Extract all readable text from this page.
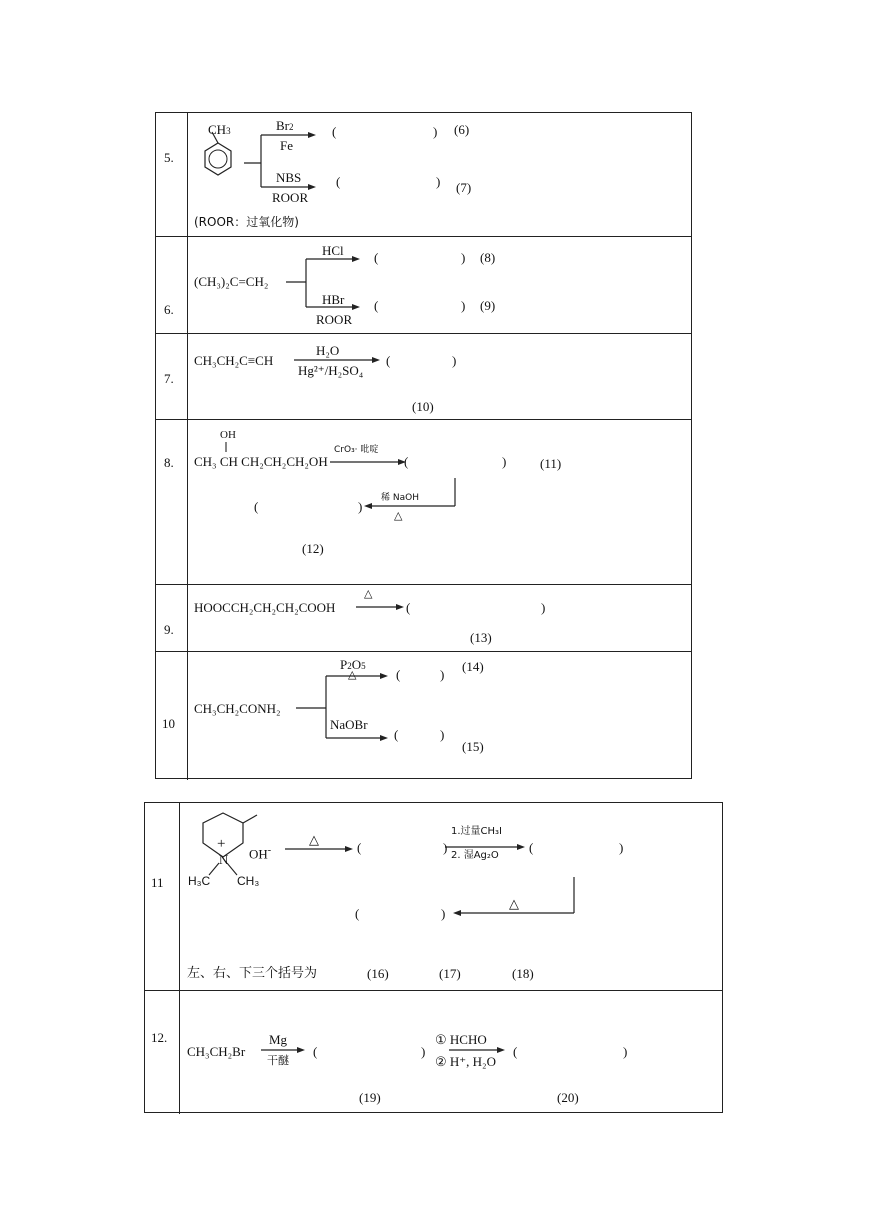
5.
CH3	Br2
Fe
NBS
ROOR
(	) (6)
(	) (7)
(ROOR：过氧化物)
6.
(CH₃)₂C=CH₂
HCl
HBr
ROOR
(	) (8)
(	) (9)
7.
CH₃CH₂C≡CH
H₂O
Hg²⁺/H₂SO₄
(	)
(10)
8.
OH
CH₃ CH CH₂CH₂CH₂OH
CrO₃· 吡啶
(	)	(11)
稀 NaOH
△
(	)
(12)
9.
HOOCCH₂CH₂CH₂COOH
△
(	)
(13)
10
CH₃CH₂CONH₂
P2O5
△
NaOBr
(	)
(14)
(	)
(15)
11
+
N OH-
H₃C CH₃
△
(	)
1.过量CH₃I
2. 湿Ag₂O
(	)
△
(	)
左、右、下三个括号为	(16)	(17)	(18)
12.
CH₃CH₂Br
Mg
干醚
(	)
① HCHO
② H⁺, H₂O
(	)
(19)	(20)
